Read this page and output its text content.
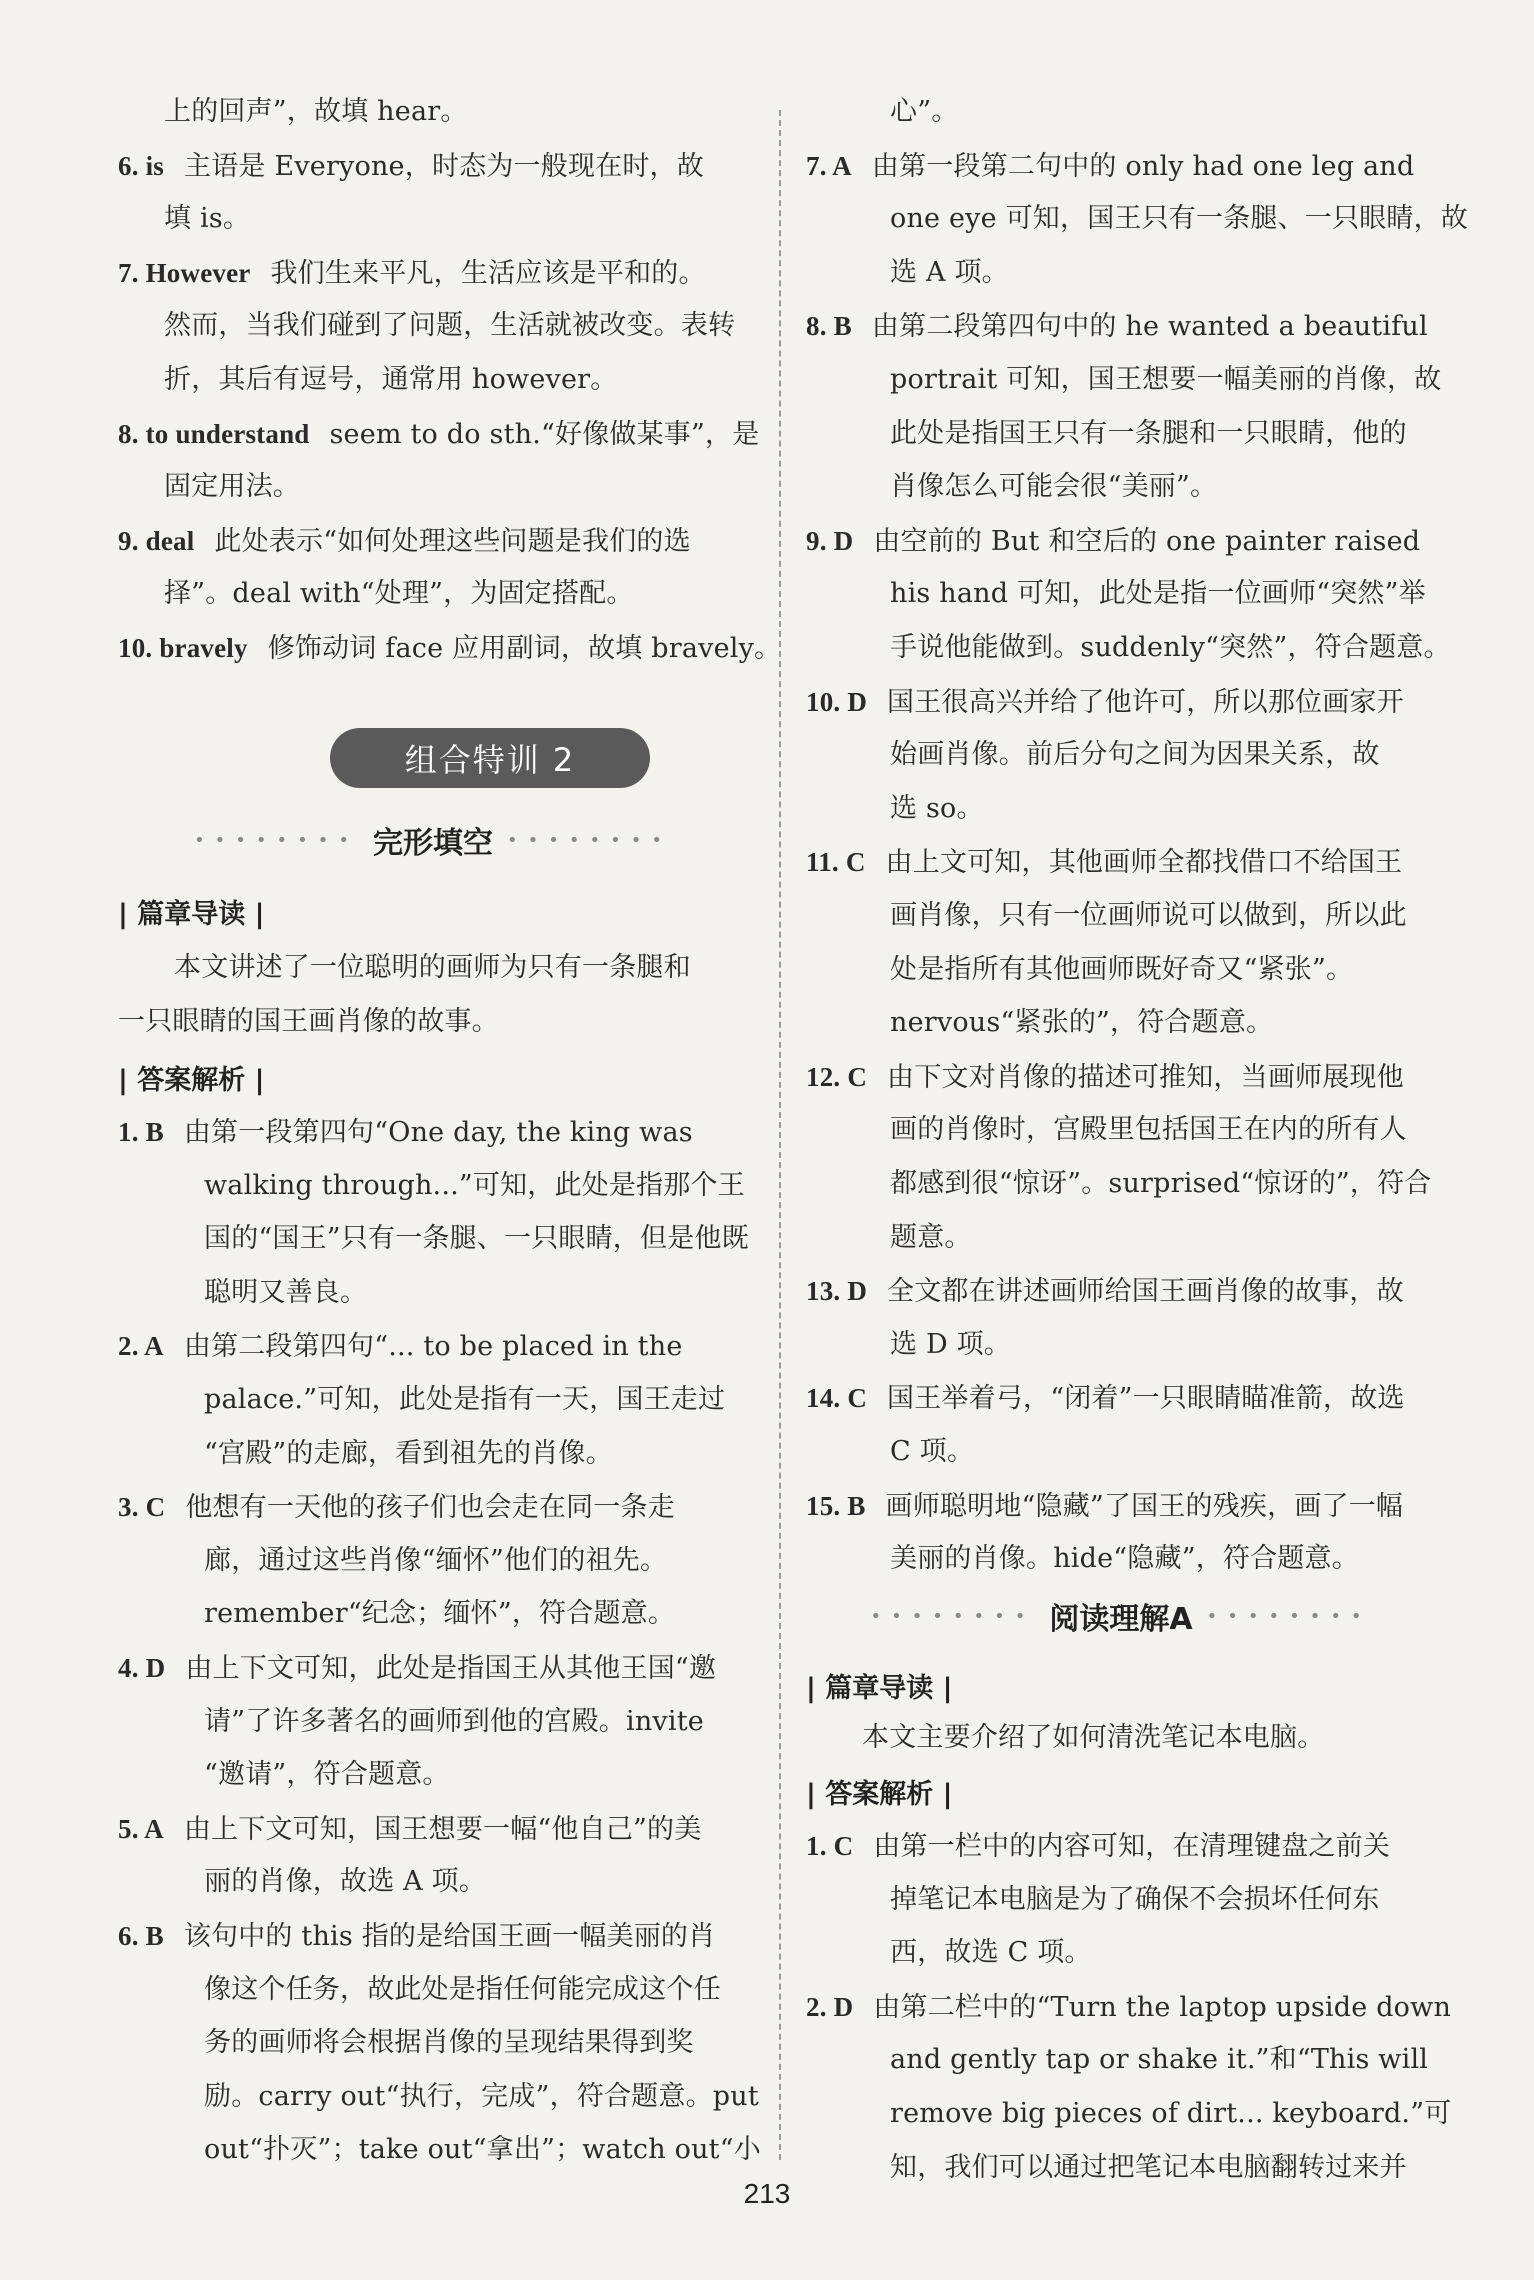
上的回声”，故填 hear。
6. is 主语是 Everyone，时态为一般现在时，故
填 is。
7. However 我们生来平凡，生活应该是平和的。
然而，当我们碰到了问题，生活就被改变。表转
折，其后有逗号，通常用 however。
8. to understand seem to do sth.“好像做某事”，是
固定用法。
9. deal 此处表示“如何处理这些问题是我们的选
择”。deal with“处理”，为固定搭配。
10. bravely 修饰动词 face 应用副词，故填 bravely。
组合特训 2
•••••••• 完形填空 ••••••••
| 篇章导读 |
本文讲述了一位聪明的画师为只有一条腿和
一只眼睛的国王画肖像的故事。
| 答案解析 |
1. B 由第一段第四句“One day, the king was
walking through...”可知，此处是指那个王
国的“国王”只有一条腿、一只眼睛，但是他既
聪明又善良。
2. A 由第二段第四句“... to be placed in the
palace.”可知，此处是指有一天，国王走过
“宫殿”的走廊，看到祖先的肖像。
3. C 他想有一天他的孩子们也会走在同一条走
廊，通过这些肖像“缅怀”他们的祖先。
remember“纪念；缅怀”，符合题意。
4. D 由上下文可知，此处是指国王从其他王国“邀
请”了许多著名的画师到他的宫殿。invite
“邀请”，符合题意。
5. A 由上下文可知，国王想要一幅“他自己”的美
丽的肖像，故选 A 项。
6. B 该句中的 this 指的是给国王画一幅美丽的肖
像这个任务，故此处是指任何能完成这个任
务的画师将会根据肖像的呈现结果得到奖
励。carry out“执行，完成”，符合题意。put
out“扑灭”；take out“拿出”；watch out“小
心”。
7. A 由第一段第二句中的 only had one leg and
one eye 可知，国王只有一条腿、一只眼睛，故
选 A 项。
8. B 由第二段第四句中的 he wanted a beautiful
portrait 可知，国王想要一幅美丽的肖像，故
此处是指国王只有一条腿和一只眼睛，他的
肖像怎么可能会很“美丽”。
9. D 由空前的 But 和空后的 one painter raised
his hand 可知，此处是指一位画师“突然”举
手说他能做到。suddenly“突然”，符合题意。
10. D 国王很高兴并给了他许可，所以那位画家开
始画肖像。前后分句之间为因果关系，故
选 so。
11. C 由上文可知，其他画师全都找借口不给国王
画肖像，只有一位画师说可以做到，所以此
处是指所有其他画师既好奇又“紧张”。
nervous“紧张的”，符合题意。
12. C 由下文对肖像的描述可推知，当画师展现他
画的肖像时，宫殿里包括国王在内的所有人
都感到很“惊讶”。surprised“惊讶的”，符合
题意。
13. D 全文都在讲述画师给国王画肖像的故事，故
选 D 项。
14. C 国王举着弓，“闭着”一只眼睛瞄准箭，故选
C 项。
15. B 画师聪明地“隐藏”了国王的残疾，画了一幅
美丽的肖像。hide“隐藏”，符合题意。
•••••••• 阅读理解A ••••••••
| 篇章导读 |
本文主要介绍了如何清洗笔记本电脑。
| 答案解析 |
1. C 由第一栏中的内容可知，在清理键盘之前关
掉笔记本电脑是为了确保不会损坏任何东
西，故选 C 项。
2. D 由第二栏中的“Turn the laptop upside down
and gently tap or shake it.”和“This will
remove big pieces of dirt... keyboard.”可
知，我们可以通过把笔记本电脑翻转过来并
213
